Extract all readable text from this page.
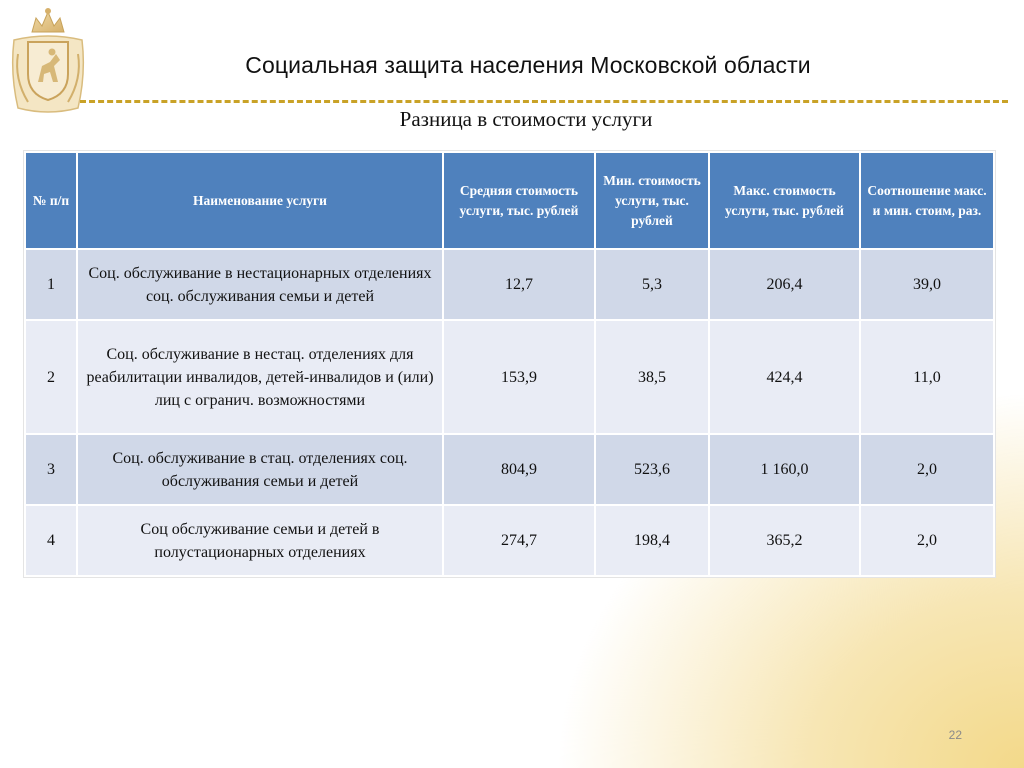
Социальная защита населения Московской области
Разница в стоимости услуги
№ п/п	Наименование услуги	Средняя стоимость услуги, тыс. рублей	Мин. стоимость услуги, тыс. рублей	Макс. стоимость услуги, тыс. рублей	Соотношение макс. и мин. стоим, раз.
1	Соц. обслуживание в нестационарных отделениях соц. обслуживания семьи и детей	12,7	5,3	206,4	39,0
2	Соц. обслуживание в нестац. отделениях для реабилитации инвалидов, детей-инвалидов и (или) лиц с огранич. возможностями	153,9	38,5	424,4	11,0
3	Соц. обслуживание в стац. отделениях соц. обслуживания семьи и детей	804,9	523,6	1 160,0	2,0
4	Соц обслуживание семьи и детей в полустационарных отделениях	274,7	198,4	365,2	2,0
22
